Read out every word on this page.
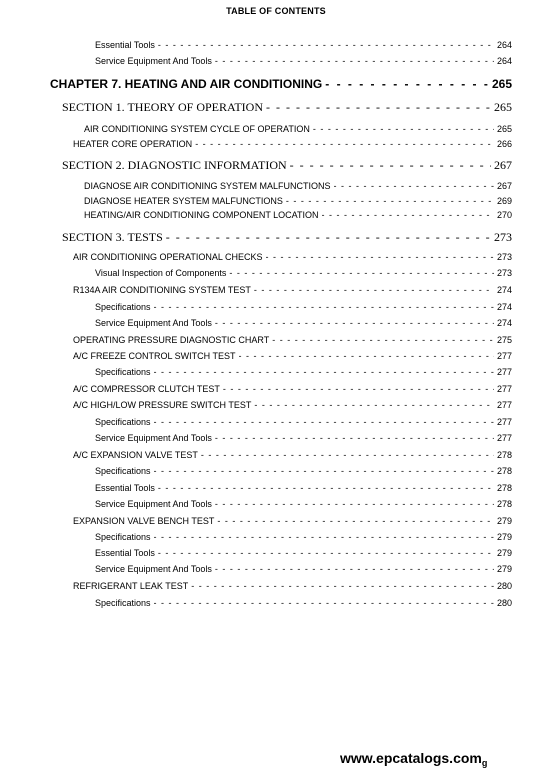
TABLE OF CONTENTS
Essential Tools - - -	264
Service Equipment And Tools - - -	264
CHAPTER 7. HEATING AND AIR CONDITIONING - - -	265
SECTION 1. THEORY OF OPERATION - - -	265
AIR CONDITIONING SYSTEM CYCLE OF OPERATION - - -	265
HEATER CORE OPERATION - - -	266
SECTION 2. DIAGNOSTIC INFORMATION - - -	267
DIAGNOSE AIR CONDITIONING SYSTEM MALFUNCTIONS - - -	267
DIAGNOSE HEATER SYSTEM MALFUNCTIONS - - -	269
HEATING/AIR CONDITIONING COMPONENT LOCATION - - -	270
SECTION 3. TESTS - - -	273
AIR CONDITIONING OPERATIONAL CHECKS - - -	273
Visual Inspection of Components - - -	273
R134A AIR CONDITIONING SYSTEM TEST - - -	274
Specifications - - -	274
Service Equipment And Tools - - -	274
OPERATING PRESSURE DIAGNOSTIC CHART - - -	275
A/C FREEZE CONTROL SWITCH TEST - - -	277
Specifications - - -	277
A/C COMPRESSOR CLUTCH TEST - - -	277
A/C HIGH/LOW PRESSURE SWITCH TEST - - -	277
Specifications - - -	277
Service Equipment And Tools - - -	277
A/C EXPANSION VALVE TEST - - -	278
Specifications - - -	278
Essential Tools - - -	278
Service Equipment And Tools - - -	278
EXPANSION VALVE BENCH TEST - - -	279
Specifications - - -	279
Essential Tools - - -	279
Service Equipment And Tools - - -	279
REFRIGERANT LEAK TEST - - -	280
Specifications - - -	280
www.epcatalogs.com$_g$
